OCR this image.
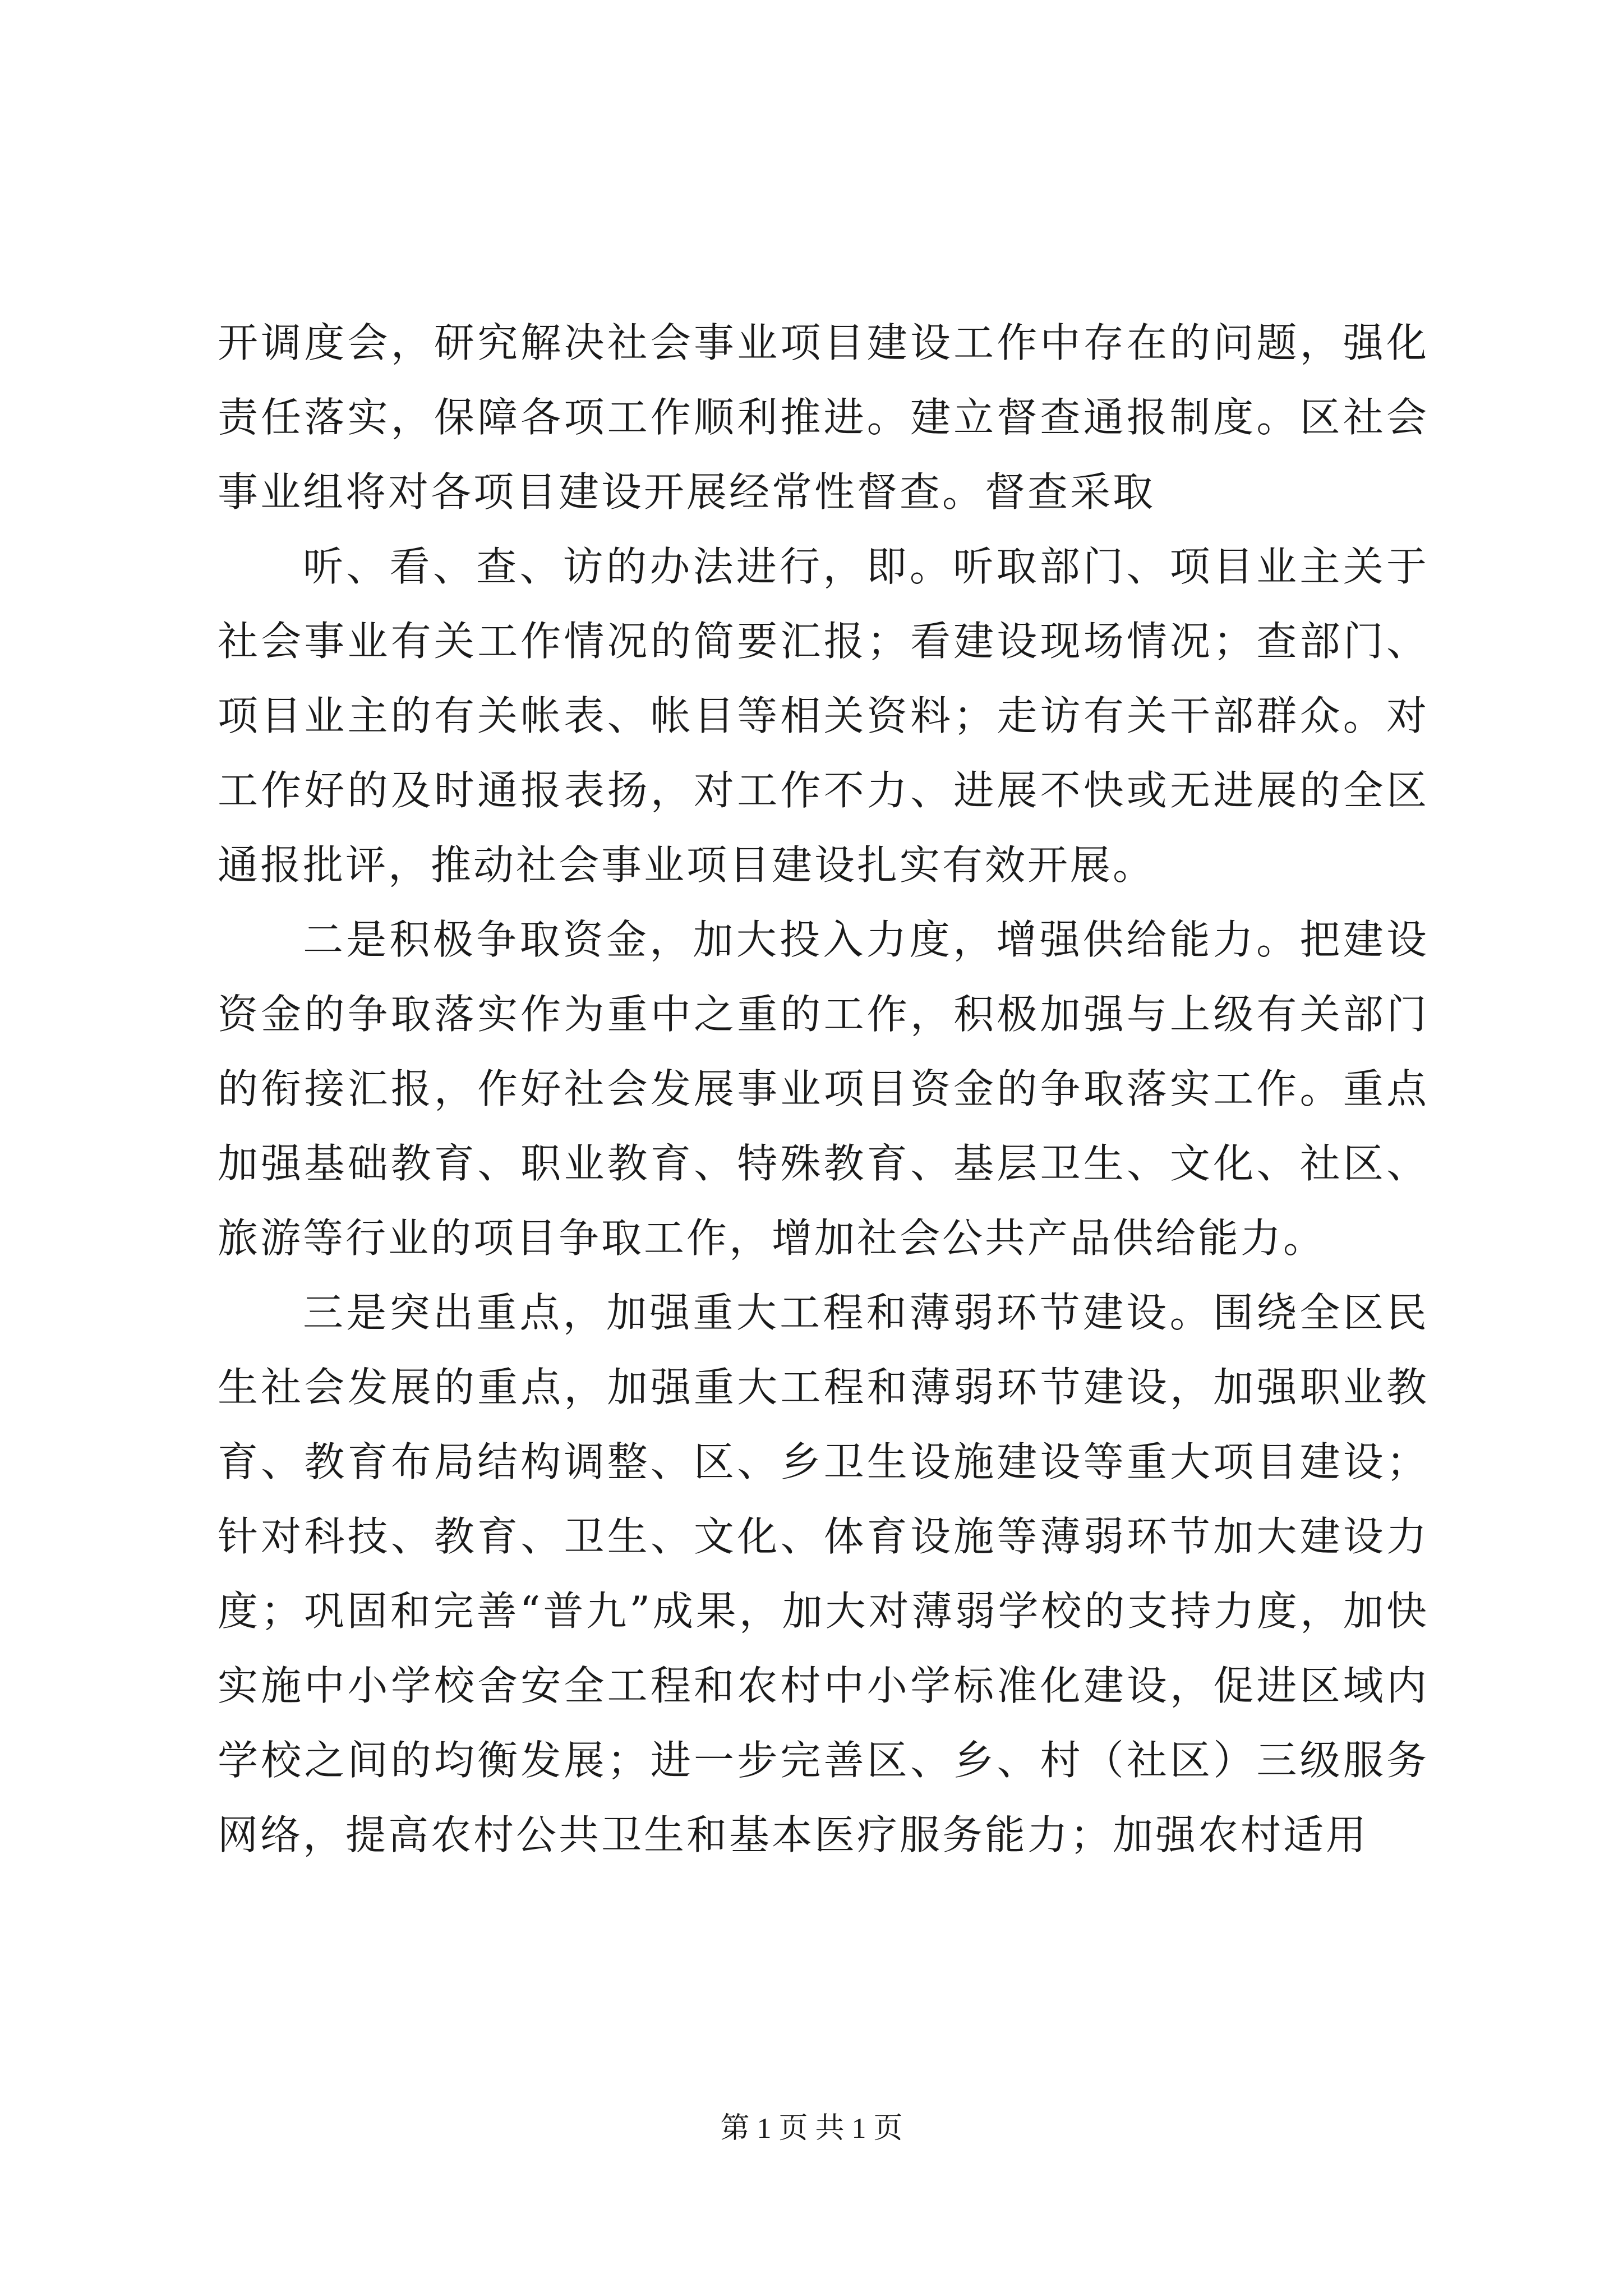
开调度会，研究解决社会事业项目建设工作中存在的问题，强化责任落实，保障各项工作顺利推进。建立督查通报制度。区社会事业组将对各项目建设开展经常性督查。督查采取

听、看、查、访的办法进行，即。听取部门、项目业主关于社会事业有关工作情况的简要汇报；看建设现场情况；查部门、项目业主的有关帐表、帐目等相关资料；走访有关干部群众。对工作好的及时通报表扬，对工作不力、进展不快或无进展的全区通报批评，推动社会事业项目建设扎实有效开展。

二是积极争取资金，加大投入力度，增强供给能力。把建设资金的争取落实作为重中之重的工作，积极加强与上级有关部门的衔接汇报，作好社会发展事业项目资金的争取落实工作。重点加强基础教育、职业教育、特殊教育、基层卫生、文化、社区、旅游等行业的项目争取工作，增加社会公共产品供给能力。

三是突出重点，加强重大工程和薄弱环节建设。围绕全区民生社会发展的重点，加强重大工程和薄弱环节建设，加强职业教育、教育布局结构调整、区、乡卫生设施建设等重大项目建设；针对科技、教育、卫生、文化、体育设施等薄弱环节加大建设力度；巩固和完善“普九”成果，加大对薄弱学校的支持力度，加快实施中小学校舍安全工程和农村中小学标准化建设，促进区域内学校之间的均衡发展；进一步完善区、乡、村（社区）三级服务网络，提高农村公共卫生和基本医疗服务能力；加强农村适用

第 1 页 共 1 页
